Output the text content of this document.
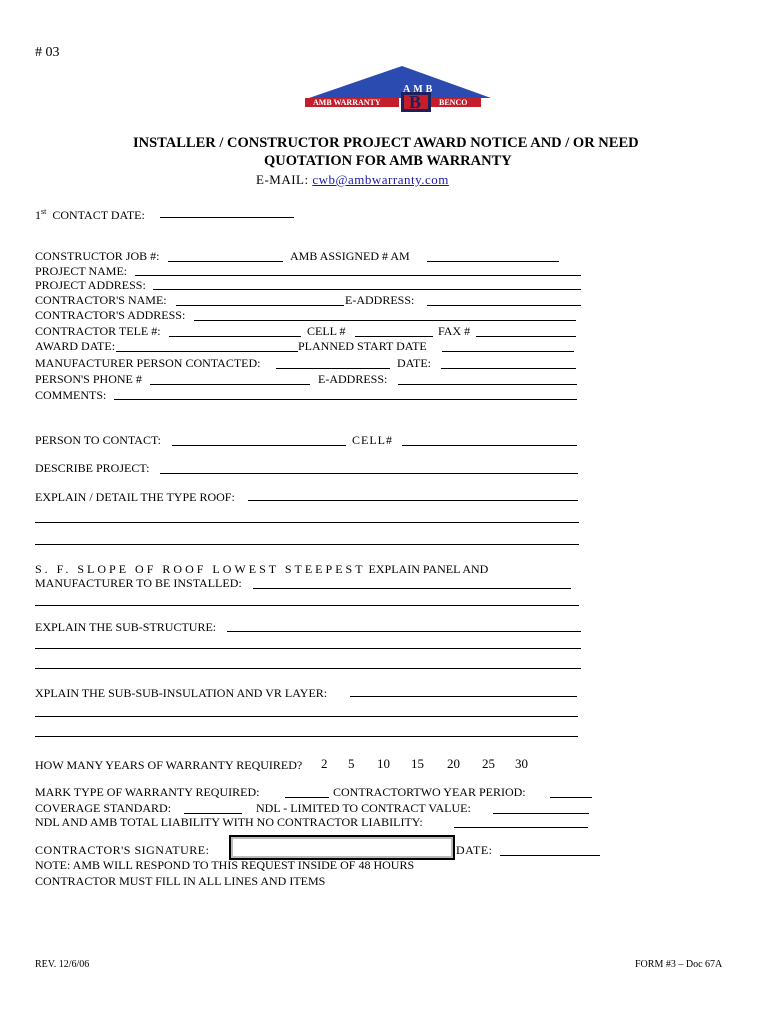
# 03
AMB
AMB WARRANTY	BENCO
B
INSTALLER / CONSTRUCTOR PROJECT AWARD NOTICE AND / OR NEED
QUOTATION FOR AMB WARRANTY
E-MAIL: cwb@ambwarranty.com
1st CONTACT DATE:
CONSTRUCTOR JOB #:	AMB ASSIGNED # AM
PROJECT NAME:
PROJECT ADDRESS:
CONTRACTOR'S NAME:	E-ADDRESS:
CONTRACTOR'S ADDRESS:
CONTRACTOR TELE #:	CELL #	FAX #
AWARD DATE:	PLANNED START DATE
MANUFACTURER PERSON CONTACTED:	DATE:
PERSON'S PHONE #	E-ADDRESS:
COMMENTS:
PERSON TO CONTACT:	CELL#
DESCRIBE PROJECT:
EXPLAIN / DETAIL THE TYPE ROOF:
S. F. SLOPE OF ROOF LOWEST STEEPEST EXPLAIN PANEL AND
MANUFACTURER TO BE INSTALLED:
EXPLAIN THE SUB-STRUCTURE:
XPLAIN THE SUB-SUB-INSULATION AND VR LAYER:
HOW MANY YEARS OF WARRANTY REQUIRED? 2 5 10 15 20 25 30
MARK TYPE OF WARRANTY REQUIRED:	CONTRACTORTWO YEAR PERIOD:
COVERAGE STANDARD:	NDL - LIMITED TO CONTRACT VALUE:
NDL AND AMB TOTAL LIABILITY WITH NO CONTRACTOR LIABILITY:
CONTRACTOR'S SIGNATURE:	DATE:
NOTE: AMB WILL RESPOND TO THIS REQUEST INSIDE OF 48 HOURS
CONTRACTOR MUST FILL IN ALL LINES AND ITEMS
REV. 12/6/06	FORM #3 – Doc 67A
